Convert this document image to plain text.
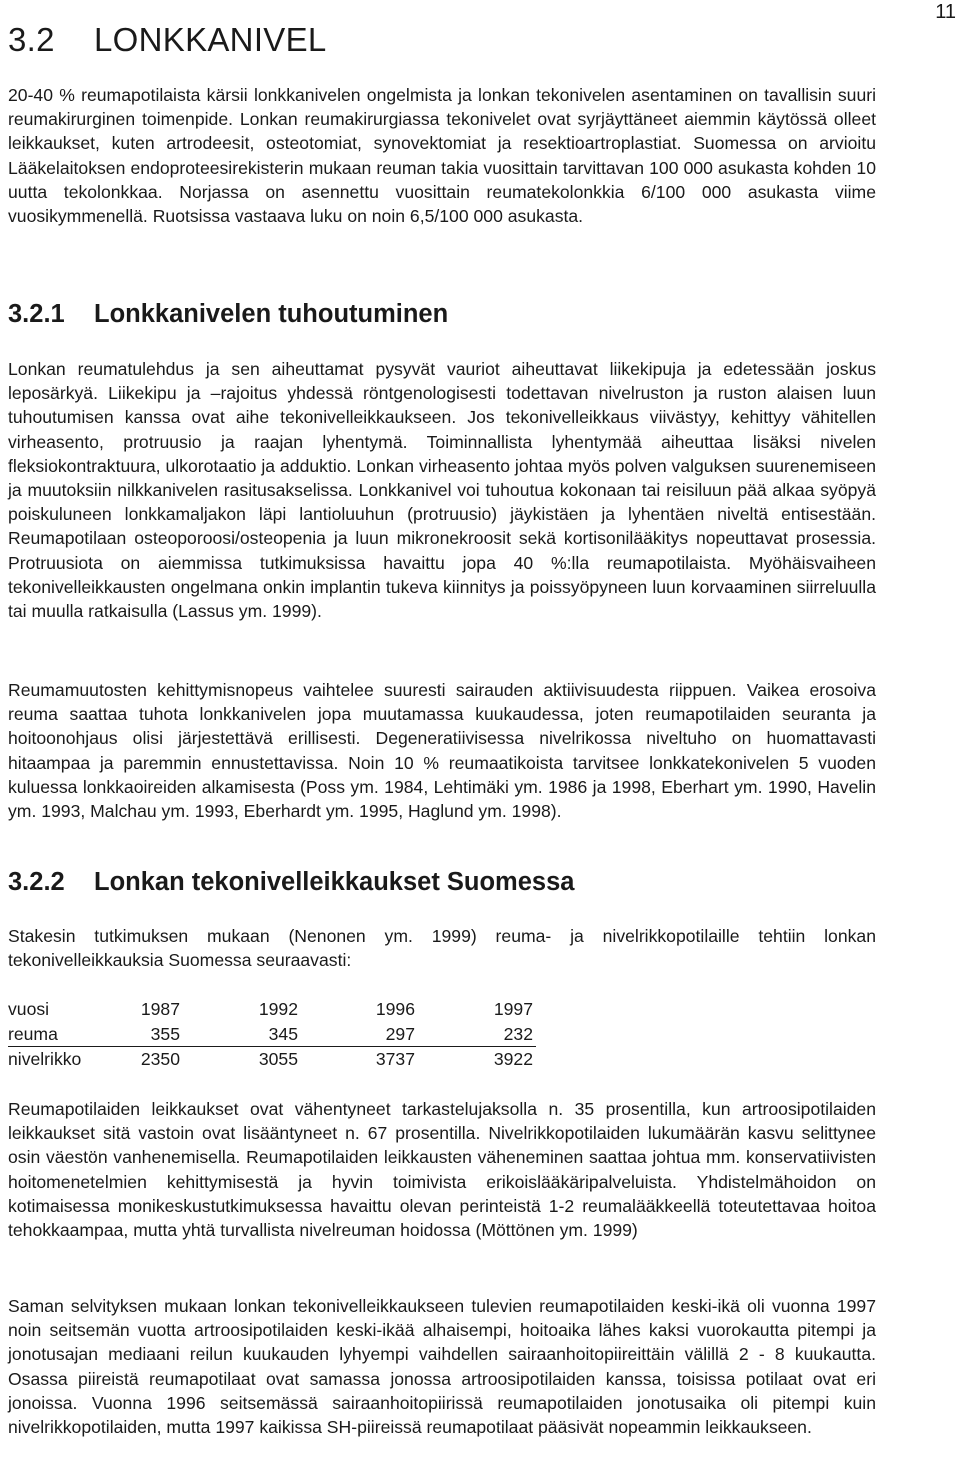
11
3.2 LONKKANIVEL

20-40 % reumapotilaista kärsii lonkkanivelen ongelmista ja lonkan tekonivelen asentaminen on tavallisin suuri reumakirurginen toimenpide. Lonkan reumakirurgiassa tekonivelet ovat syrjäyttäneet aiemmin käytössä olleet leikkaukset, kuten artrodeesit, osteotomiat, synovektomiat ja resektioartroplastiat. Suomessa on arvioitu Lääkelaitoksen endoproteesirekisterin mukaan reuman takia vuosittain tarvittavan 100 000 asukasta kohden 10 uutta tekolonkkaa. Norjassa on asennettu vuosittain reumatekolonkkia 6/100 000 asukasta viime vuosikymmenellä. Ruotsissa vastaava luku on noin 6,5/100 000 asukasta.

3.2.1 Lonkkanivelen tuhoutuminen

Lonkan reumatulehdus ja sen aiheuttamat pysyvät vauriot aiheuttavat liikekipuja ja edetessään joskus leposärkyä. Liikekipu ja –rajoitus yhdessä röntgenologisesti todettavan nivelruston ja ruston alaisen luun tuhoutumisen kanssa ovat aihe tekonivelleikkaukseen. Jos tekonivelleikkaus viivästyy, kehittyy vähitellen virheasento, protruusio ja raajan lyhentymä. Toiminnallista lyhentymää aiheuttaa lisäksi nivelen fleksiokontraktuura, ulkorotaatio ja adduktio. Lonkan virheasento johtaa myös polven valguksen suurenemiseen ja muutoksiin nilkkanivelen rasitusakselissa. Lonkkanivel voi tuhoutua kokonaan tai reisiluun pää alkaa syöpyä poiskuluneen lonkkamaljakon läpi lantioluuhun (protruusio) jäykistäen ja lyhentäen niveltä entisestään. Reumapotilaan osteoporoosi/osteopenia ja luun mikronekroosit sekä kortisonilääkitys nopeuttavat prosessia. Protruusiota on aiemmissa tutkimuksissa havaittu jopa 40 %:lla reumapotilaista. Myöhäisvaiheen tekonivelleikkausten ongelmana onkin implantin tukeva kiinnitys ja poissyöpyneen luun korvaaminen siirreluulla tai muulla ratkaisulla (Lassus ym. 1999).

Reumamuutosten kehittymisnopeus vaihtelee suuresti sairauden aktiivisuudesta riippuen. Vaikea erosoiva reuma saattaa tuhota lonkkanivelen jopa muutamassa kuukaudessa, joten reumapotilaiden seuranta ja hoitoonohjaus olisi järjestettävä erillisesti. Degeneratiivisessa nivelrikossa niveltuho on huomattavasti hitaampaa ja paremmin ennustettavissa. Noin 10 % reumaatikoista tarvitsee lonkkatekonivelen 5 vuoden kuluessa lonkkaoireiden alkamisesta (Poss ym. 1984, Lehtimäki ym. 1986 ja 1998, Eberhart ym. 1990, Havelin ym. 1993, Malchau ym. 1993, Eberhardt ym. 1995, Haglund ym. 1998).

3.2.2 Lonkan tekonivelleikkaukset Suomessa

Stakesin tutkimuksen mukaan (Nenonen ym. 1999) reuma- ja nivelrikkopotilaille tehtiin lonkan tekonivelleikkauksia Suomessa seuraavasti:

vuosi	1987	1992	1996	1997
reuma	355	345	297	232
nivelrikko	2350	3055	3737	3922

Reumapotilaiden leikkaukset ovat vähentyneet tarkastelujaksolla n. 35 prosentilla, kun artroosipotilaiden leikkaukset sitä vastoin ovat lisääntyneet n. 67 prosentilla. Nivelrikkopotilaiden lukumäärän kasvu selittynee osin väestön vanhenemisella. Reumapotilaiden leikkausten väheneminen saattaa johtua mm. konservatiivisten hoitomenetelmien kehittymisestä ja hyvin toimivista erikoislääkäripalveluista. Yhdistelmähoidon on kotimaisessa monikeskustutkimuksessa havaittu olevan perinteistä 1-2 reumalääkkeellä toteutettavaa hoitoa tehokkaampaa, mutta yhtä turvallista nivelreuman hoidossa (Möttönen ym. 1999)

Saman selvityksen mukaan lonkan tekonivelleikkaukseen tulevien reumapotilaiden keski-ikä oli vuonna 1997 noin seitsemän vuotta artroosipotilaiden keski-ikää alhaisempi, hoitoaika lähes kaksi vuorokautta pitempi ja jonotusajan mediaani reilun kuukauden lyhyempi vaihdellen sairaanhoitopiireittäin välillä 2 - 8 kuukautta. Osassa piireistä reumapotilaat ovat samassa jonossa artroosipotilaiden kanssa, toisissa potilaat ovat eri jonoissa. Vuonna 1996 seitsemässä sairaanhoitopiirissä reumapotilaiden jonotusaika oli pitempi kuin nivelrikkopotilaiden, mutta 1997 kaikissa SH-piireissä reumapotilaat pääsivät nopeammin leikkaukseen.
